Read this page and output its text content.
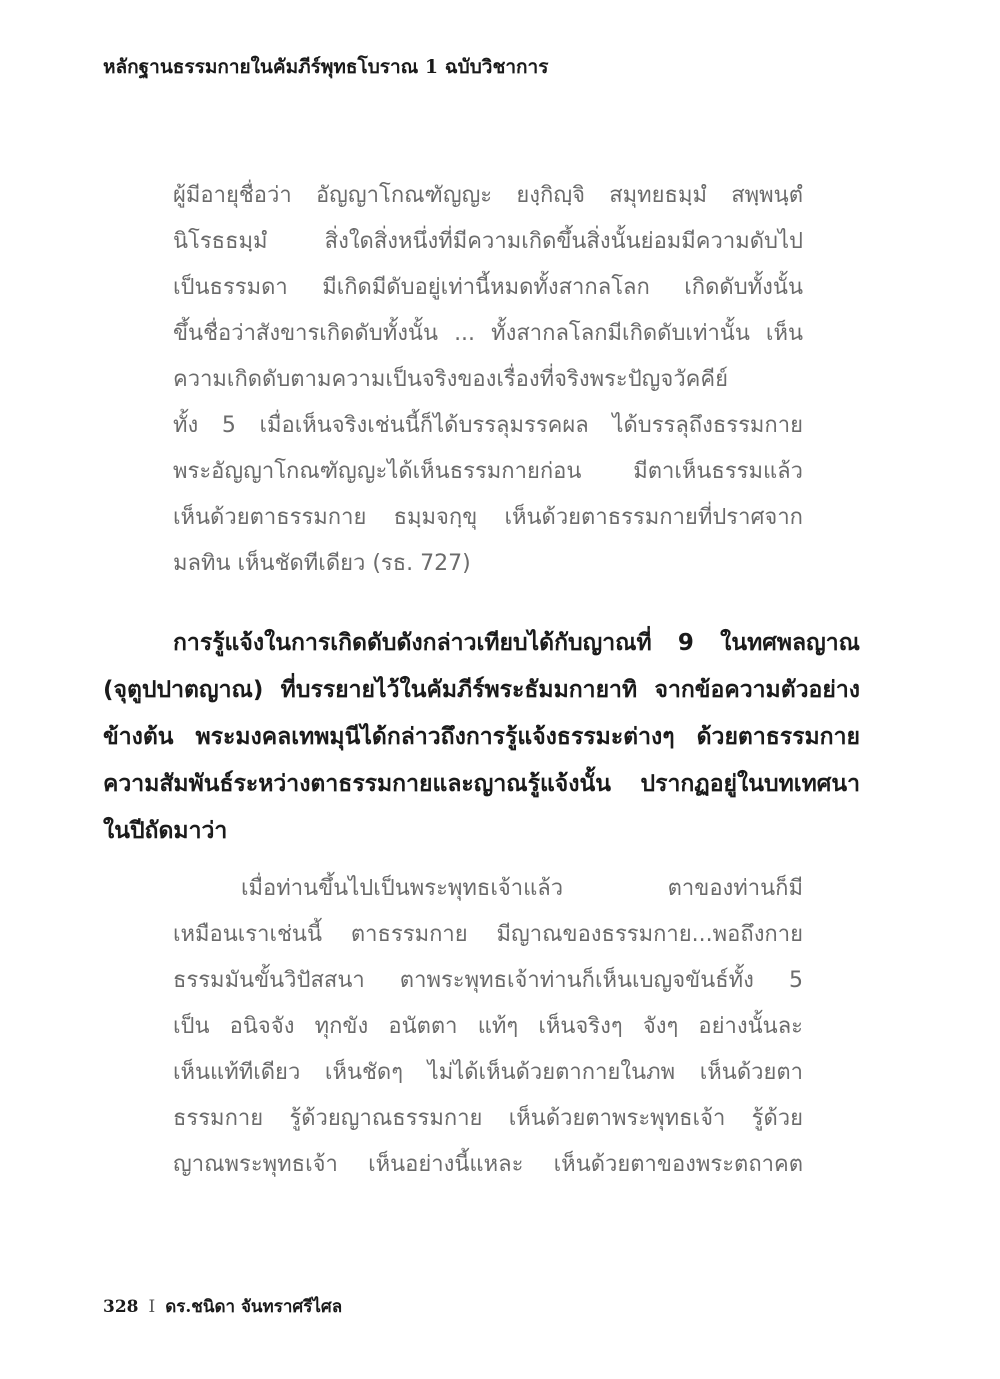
หลักฐานธรรมกายในคัมภีร์พุทธโบราณ 1 ฉบับวิชาการ
ผู้มีอายุชื่อว่า อัญญาโกณฑัญญะ ยงฺกิญฺจิ สมุทยธมฺมํ สพฺพนฺตํ
นิโรธธมฺมํ สิ่งใดสิ่งหนึ่งที่มีความเกิดขึ้นสิ่งนั้นย่อมมีความดับไป
เป็นธรรมดา มีเกิดมีดับอยู่เท่านี้หมดทั้งสากลโลก เกิดดับทั้งนั้น
ขึ้นชื่อว่าสังขารเกิดดับทั้งนั้น ... ทั้งสากลโลกมีเกิดดับเท่านั้น เห็น
ความเกิดดับตามความเป็นจริงของเรื่องที่จริงพระปัญจวัคคีย์
ทั้ง 5 เมื่อเห็นจริงเช่นนี้ก็ได้บรรลุมรรคผล ได้บรรลุถึงธรรมกาย
พระอัญญาโกณฑัญญะได้เห็นธรรมกายก่อน มีตาเห็นธรรมแล้ว
เห็นด้วยตาธรรมกาย ธมฺมจกฺขุ เห็นด้วยตาธรรมกายที่ปราศจาก
มลทิน เห็นชัดทีเดียว (รธ. 727)
การรู้แจ้งในการเกิดดับดังกล่าวเทียบได้กับญาณที่ 9 ในทศพลญาณ
(จุตูปปาตญาณ) ที่บรรยายไว้ในคัมภีร์พระธัมมกายาทิ จากข้อความตัวอย่าง
ข้างต้น พระมงคลเทพมุนีได้กล่าวถึงการรู้แจ้งธรรมะต่างๆ ด้วยตาธรรมกาย
ความสัมพันธ์ระหว่างตาธรรมกายและญาณรู้แจ้งนั้น ปรากฏอยู่ในบทเทศนา
ในปีถัดมาว่า
เมื่อท่านขึ้นไปเป็นพระพุทธเจ้าแล้ว ตาของท่านก็มี
เหมือนเราเช่นนี้ ตาธรรมกาย มีญาณของธรรมกาย...พอถึงกาย
ธรรมมันขั้นวิปัสสนา ตาพระพุทธเจ้าท่านก็เห็นเบญจขันธ์ทั้ง 5
เป็น อนิจจัง ทุกขัง อนัตตา แท้ๆ เห็นจริงๆ จังๆ อย่างนั้นละ
เห็นแท้ทีเดียว เห็นชัดๆ ไม่ได้เห็นด้วยตากายในภพ เห็นด้วยตา
ธรรมกาย รู้ด้วยญาณธรรมกาย เห็นด้วยตาพระพุทธเจ้า รู้ด้วย
ญาณพระพุทธเจ้า เห็นอย่างนี้แหละ เห็นด้วยตาของพระตถาคต
328 I ดร.ชนิดา จันทราศรีไศล
